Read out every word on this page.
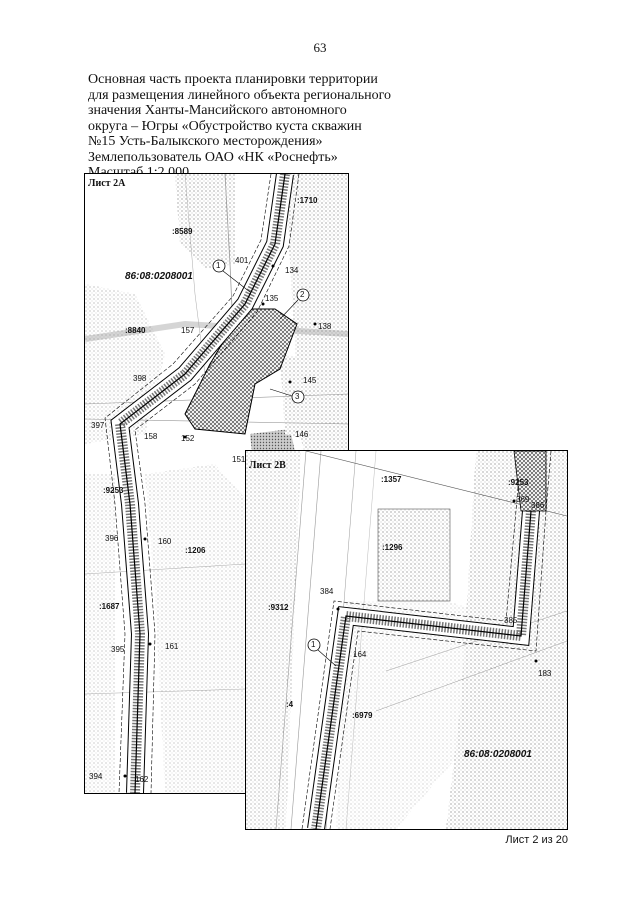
63
Основная часть проекта планировки территории
для размещения линейного объекта регионального
значения Ханты-Мансийского автономного
округа – Югры «Обустройство куста скважин
№15 Усть-Балыкского месторождения»
Землепользователь ОАО «НК «Роснефть»
Лист 2А
86:08:0208001
:1710
:8589
:8840
:9253
:1206
:1687
1
2
3
401
134
135
138
157
398	145
397
158	152	146
151
396	160
395	161
394	162
Лист 2В
86:08:0208001
:1357	:9253
:1296
:9312
:6979
:4
1
369
385
384
164
386
183
Лист 2 из 20
